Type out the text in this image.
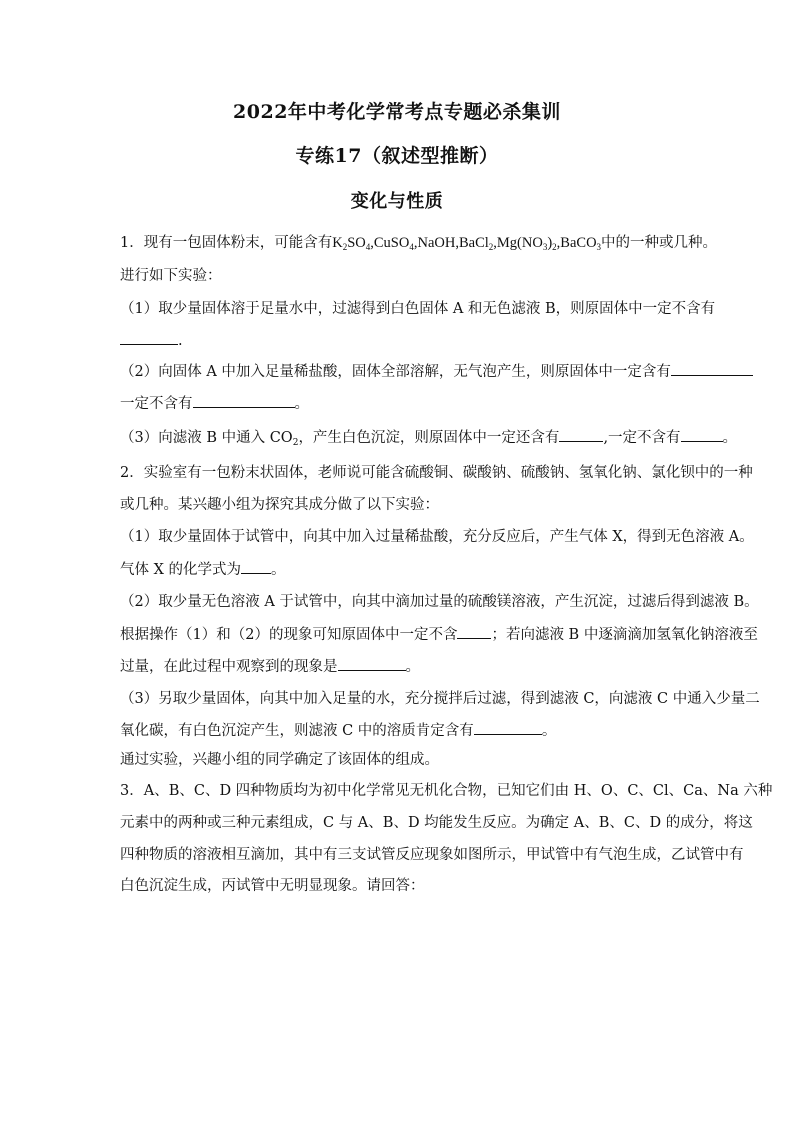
2022年中考化学常考点专题必杀集训
专练17（叙述型推断）
变化与性质
1．现有一包固体粉末，可能含有$K_2SO_4,CuSO_4,NaOH,BaCl_2,Mg(NO_3)_2,BaCO_3$中的一种或几种。
进行如下实验：
（1）取少量固体溶于足量水中，过滤得到白色固体 A 和无色滤液 B，则原固体中一定不含有
.
（2）向固体 A 中加入足量稀盐酸，固体全部溶解，无气泡产生，则原固体中一定含有
一定不含有	。
（3）向滤液 B 中通入 $CO_2$，产生白色沉淀，则原固体中一定还含有	,一定不含有	。
2．实验室有一包粉末状固体，老师说可能含硫酸铜、碳酸钠、硫酸钠、氢氧化钠、氯化钡中的一种
或几种。某兴趣小组为探究其成分做了以下实验：
（1）取少量固体于试管中，向其中加入过量稀盐酸，充分反应后，产生气体 X，得到无色溶液 A。
气体 X 的化学式为 。
（2）取少量无色溶液 A 于试管中，向其中滴加过量的硫酸镁溶液，产生沉淀，过滤后得到滤液 B。
根据操作（1）和（2）的现象可知原固体中一定不含 ；若向滤液 B 中逐滴滴加氢氧化钠溶液至
过量，在此过程中观察到的现象是	。
（3）另取少量固体，向其中加入足量的水，充分搅拌后过滤，得到滤液 C，向滤液 C 中通入少量二
氧化碳，有白色沉淀产生，则滤液 C 中的溶质肯定含有	。
通过实验，兴趣小组的同学确定了该固体的组成。
3．A、B、C、D 四种物质均为初中化学常见无机化合物，已知它们由 H、O、C、Cl、Ca、Na 六种
元素中的两种或三种元素组成，C 与 A、B、D 均能发生反应。为确定 A、B、C、D 的成分，将这
四种物质的溶液相互滴加，其中有三支试管反应现象如图所示，甲试管中有气泡生成，乙试管中有
白色沉淀生成，丙试管中无明显现象。请回答：
